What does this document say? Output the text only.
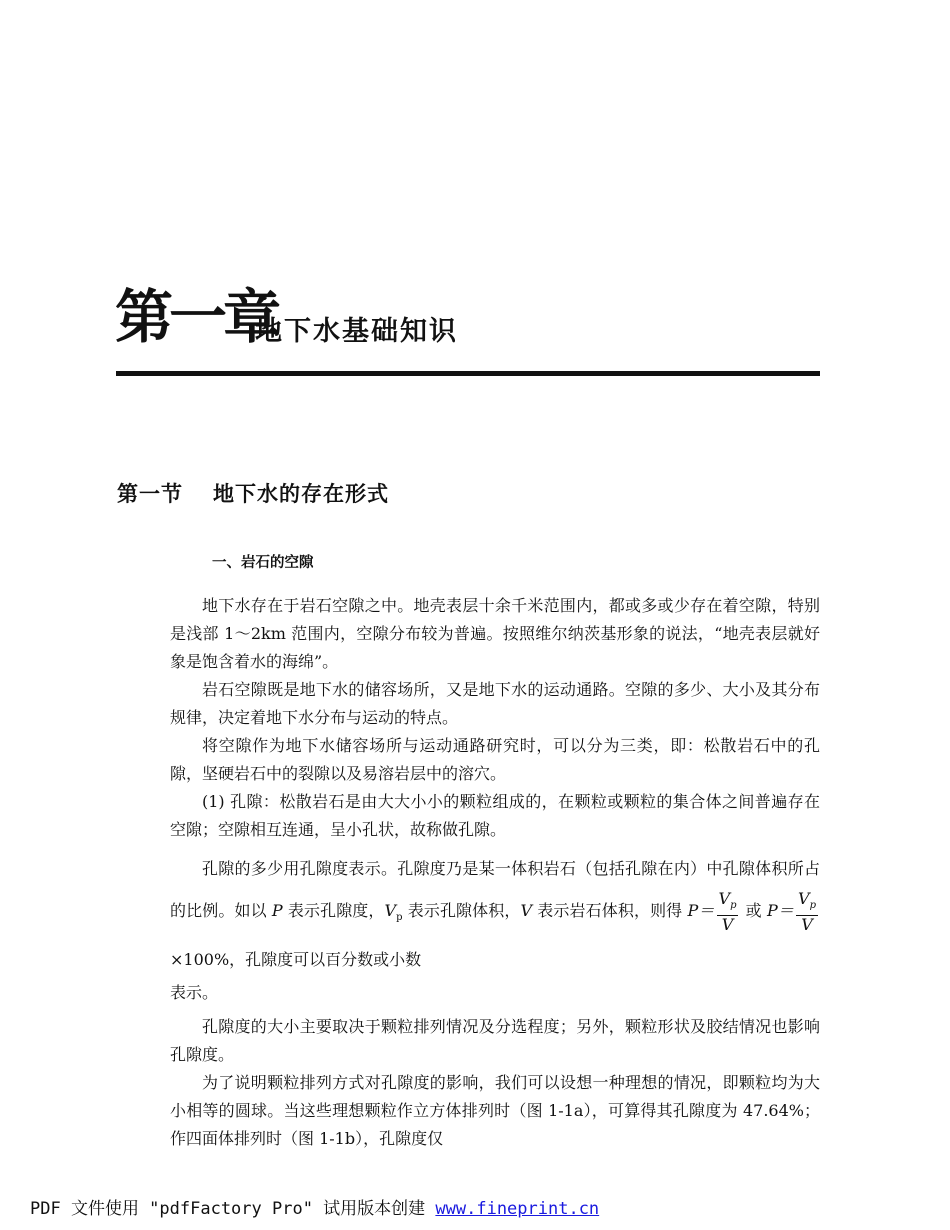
第一章
地下水基础知识
第一节 地下水的存在形式
一、岩石的空隙

地下水存在于岩石空隙之中。地壳表层十余千米范围内，都或多或少存在着空隙，特别是浅部 1～2km 范围内，空隙分布较为普遍。按照维尔纳茨基形象的说法，“地壳表层就好象是饱含着水的海绵”。

岩石空隙既是地下水的储容场所，又是地下水的运动通路。空隙的多少、大小及其分布规律，决定着地下水分布与运动的特点。

将空隙作为地下水储容场所与运动通路研究时，可以分为三类，即：松散岩石中的孔隙，坚硬岩石中的裂隙以及易溶岩层中的溶穴。

(1) 孔隙：松散岩石是由大大小小的颗粒组成的，在颗粒或颗粒的集合体之间普遍存在空隙；空隙相互连通，呈小孔状，故称做孔隙。

孔隙的多少用孔隙度表示。孔隙度乃是某一体积岩石（包括孔隙在内）中孔隙体积所占的比例。如以 P 表示孔隙度，$V_p$ 表示孔隙体积，V 表示岩石体积，则得 $P= \frac{V_p}{V}$ 或 $P= \frac{V_p}{V}$
×100%，孔隙度可以百分数或小数

表示。

孔隙度的大小主要取决于颗粒排列情况及分选程度；另外，颗粒形状及胶结情况也影响孔隙度。

为了说明颗粒排列方式对孔隙度的影响，我们可以设想一种理想的情况，即颗粒均为大小相等的圆球。当这些理想颗粒作立方体排列时（图 1-1a），可算得其孔隙度为 47.64%；作四面体排列时（图 1-1b），孔隙度仅

PDF 文件使用 "pdfFactory Pro" 试用版本创建 www.fineprint.cn
